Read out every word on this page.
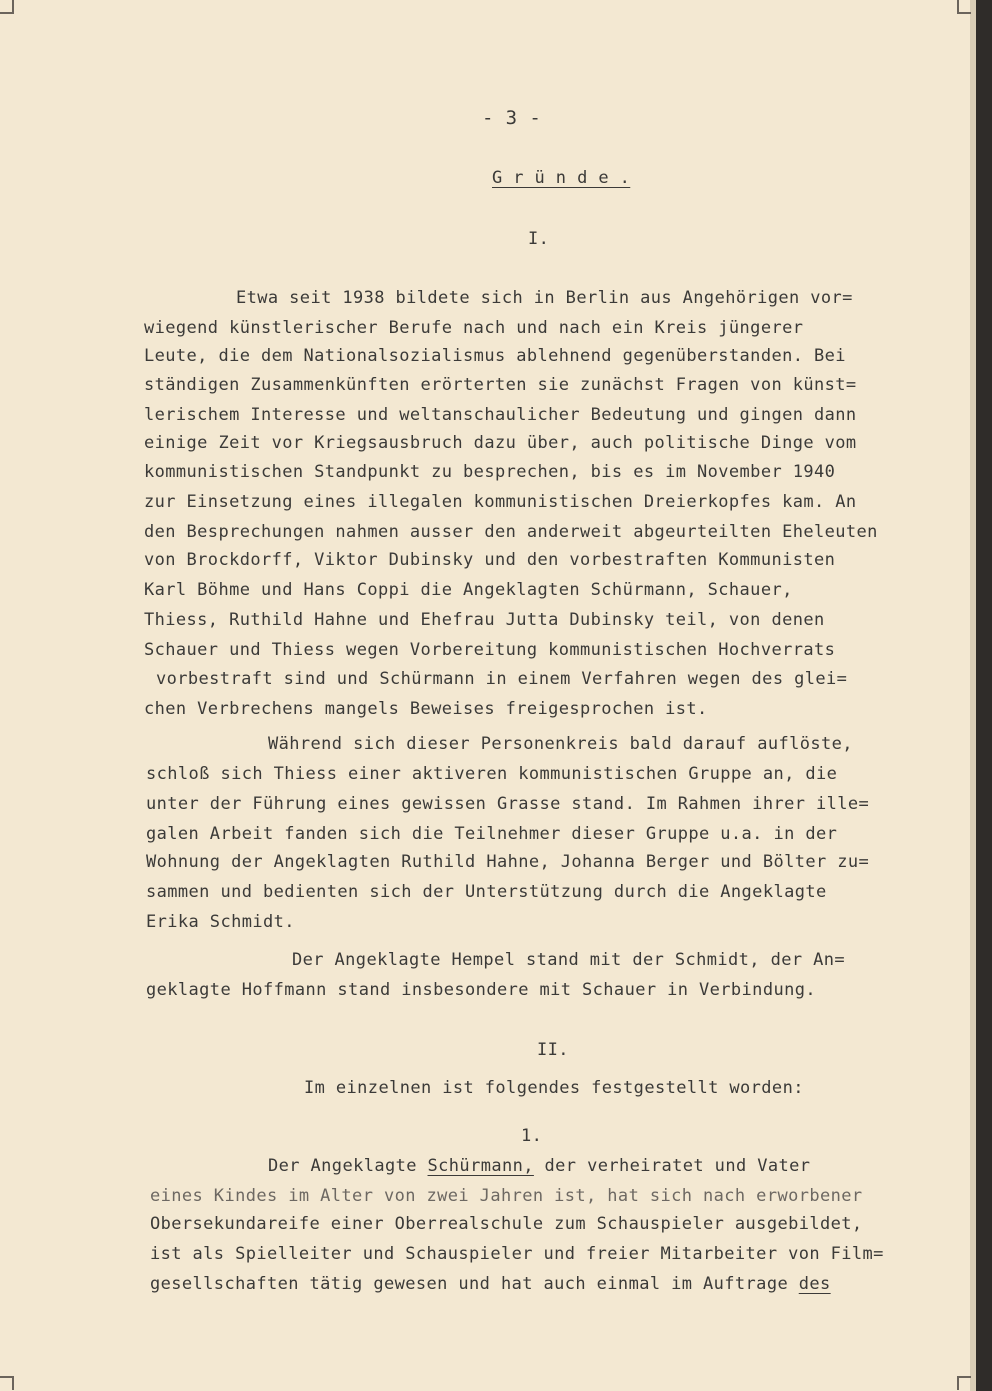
- 3 -
G r ü n d e .
I.
Etwa seit 1938 bildete sich in Berlin aus Angehörigen vor=
wiegend künstlerischer Berufe nach und nach ein Kreis jüngerer
Leute, die dem Nationalsozialismus ablehnend gegenüberstanden. Bei
ständigen Zusammenkünften erörterten sie zunächst Fragen von künst=
lerischem Interesse und weltanschaulicher Bedeutung und gingen dann
einige Zeit vor Kriegsausbruch dazu über, auch politische Dinge vom
kommunistischen Standpunkt zu besprechen, bis es im November 1940
zur Einsetzung eines illegalen kommunistischen Dreierkopfes kam. An
den Besprechungen nahmen ausser den anderweit abgeurteilten Eheleuten
von Brockdorff, Viktor Dubinsky und den vorbestraften Kommunisten
Karl Böhme und Hans Coppi die Angeklagten Schürmann, Schauer,
Thiess, Ruthild Hahne und Ehefrau Jutta Dubinsky teil, von denen
Schauer und Thiess wegen Vorbereitung kommunistischen Hochverrats
vorbestraft sind und Schürmann in einem Verfahren wegen des glei=
chen Verbrechens mangels Beweises freigesprochen ist.
Während sich dieser Personenkreis bald darauf auflöste,
schloß sich Thiess einer aktiveren kommunistischen Gruppe an, die
unter der Führung eines gewissen Grasse stand. Im Rahmen ihrer ille=
galen Arbeit fanden sich die Teilnehmer dieser Gruppe u.a. in der
Wohnung der Angeklagten Ruthild Hahne, Johanna Berger und Bölter zu=
sammen und bedienten sich der Unterstützung durch die Angeklagte
Erika Schmidt.
Der Angeklagte Hempel stand mit der Schmidt, der An=
geklagte Hoffmann stand insbesondere mit Schauer in Verbindung.
II.
Im einzelnen ist folgendes festgestellt worden:
1.
Der Angeklagte Schürmann, der verheiratet und Vater
eines Kindes im Alter von zwei Jahren ist, hat sich nach erworbener
Obersekundareife einer Oberrealschule zum Schauspieler ausgebildet,
ist als Spielleiter und Schauspieler und freier Mitarbeiter von Film=
gesellschaften tätig gewesen und hat auch einmal im Auftrage des
